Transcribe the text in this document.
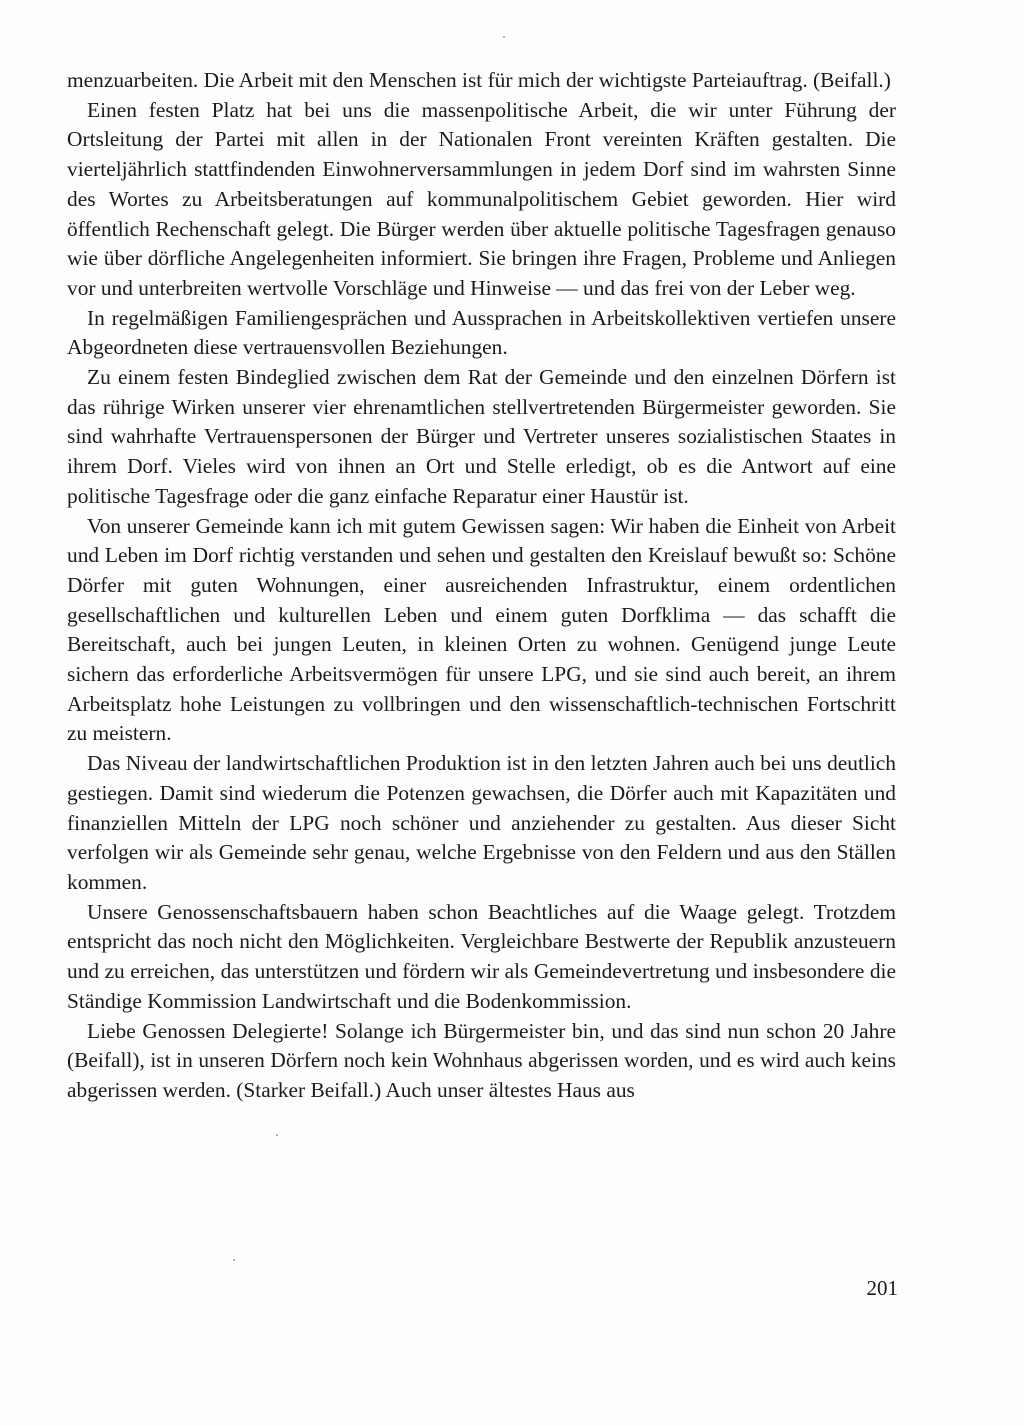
menzuarbeiten. Die Arbeit mit den Menschen ist für mich der wichtigste Parteiauftrag. (Beifall.)

Einen festen Platz hat bei uns die massenpolitische Arbeit, die wir unter Führung der Ortsleitung der Partei mit allen in der Nationalen Front vereinten Kräften gestalten. Die vierteljährlich stattfindenden Einwohnerversammlungen in jedem Dorf sind im wahrsten Sinne des Wortes zu Arbeitsberatungen auf kommunalpolitischem Gebiet geworden. Hier wird öffentlich Rechenschaft gelegt. Die Bürger werden über aktuelle politische Tagesfragen genauso wie über dörfliche Angelegenheiten informiert. Sie bringen ihre Fragen, Probleme und Anliegen vor und unterbreiten wertvolle Vorschläge und Hinweise — und das frei von der Leber weg.

In regelmäßigen Familiengesprächen und Aussprachen in Arbeitskollektiven vertiefen unsere Abgeordneten diese vertrauensvollen Beziehungen.

Zu einem festen Bindeglied zwischen dem Rat der Gemeinde und den einzelnen Dörfern ist das rührige Wirken unserer vier ehrenamtlichen stellvertretenden Bürgermeister geworden. Sie sind wahrhafte Vertrauenspersonen der Bürger und Vertreter unseres sozialistischen Staates in ihrem Dorf. Vieles wird von ihnen an Ort und Stelle erledigt, ob es die Antwort auf eine politische Tagesfrage oder die ganz einfache Reparatur einer Haustür ist.

Von unserer Gemeinde kann ich mit gutem Gewissen sagen: Wir haben die Einheit von Arbeit und Leben im Dorf richtig verstanden und sehen und gestalten den Kreislauf bewußt so: Schöne Dörfer mit guten Wohnungen, einer ausreichenden Infrastruktur, einem ordentlichen gesellschaftlichen und kulturellen Leben und einem guten Dorfklima — das schafft die Bereitschaft, auch bei jungen Leuten, in kleinen Orten zu wohnen. Genügend junge Leute sichern das erforderliche Arbeitsvermögen für unsere LPG, und sie sind auch bereit, an ihrem Arbeitsplatz hohe Leistungen zu vollbringen und den wissenschaftlich-technischen Fortschritt zu meistern.

Das Niveau der landwirtschaftlichen Produktion ist in den letzten Jahren auch bei uns deutlich gestiegen. Damit sind wiederum die Potenzen gewachsen, die Dörfer auch mit Kapazitäten und finanziellen Mitteln der LPG noch schöner und anziehender zu gestalten. Aus dieser Sicht verfolgen wir als Gemeinde sehr genau, welche Ergebnisse von den Feldern und aus den Ställen kommen.

Unsere Genossenschaftsbauern haben schon Beachtliches auf die Waage gelegt. Trotzdem entspricht das noch nicht den Möglichkeiten. Vergleichbare Bestwerte der Republik anzusteuern und zu erreichen, das unterstützen und fördern wir als Gemeindevertretung und insbesondere die Ständige Kommission Landwirtschaft und die Bodenkommission.

Liebe Genossen Delegierte! Solange ich Bürgermeister bin, und das sind nun schon 20 Jahre (Beifall), ist in unseren Dörfern noch kein Wohnhaus abgerissen worden, und es wird auch keins abgerissen werden. (Starker Beifall.) Auch unser ältestes Haus aus

201
